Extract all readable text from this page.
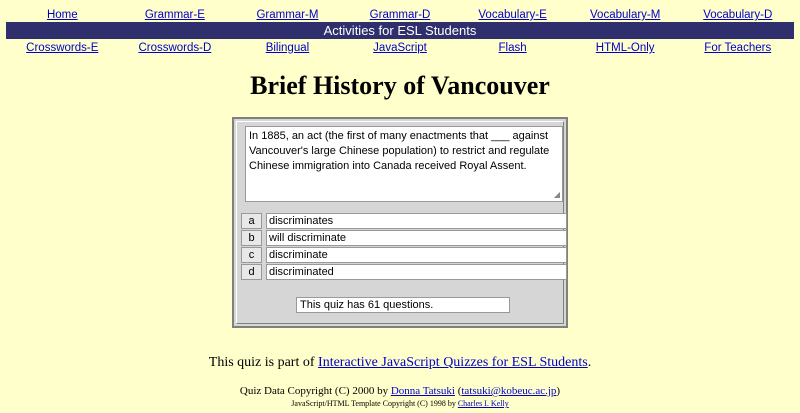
Home	Grammar-E	Grammar-M	Grammar-D	Vocabulary-E	Vocabulary-M	Vocabulary-D
Activities for ESL Students
Crosswords-E	Crosswords-D	Bilingual	JavaScript	Flash	HTML-Only	For Teachers
Brief History of Vancouver
In 1885, an act (the first of many enactments that ___ against Vancouver's large Chinese population) to restrict and regulate Chinese immigration into Canada received Royal Assent.
◢
a	discriminates
b	will discriminate
c	discriminate
d	discriminated
This quiz has 61 questions.
This quiz is part of Interactive JavaScript Quizzes for ESL Students.
Quiz Data Copyright (C) 2000 by Donna Tatsuki (tatsuki@kobeuc.ac.jp)
JavaScript/HTML Template Copyright (C) 1998 by Charles I. Kelly
